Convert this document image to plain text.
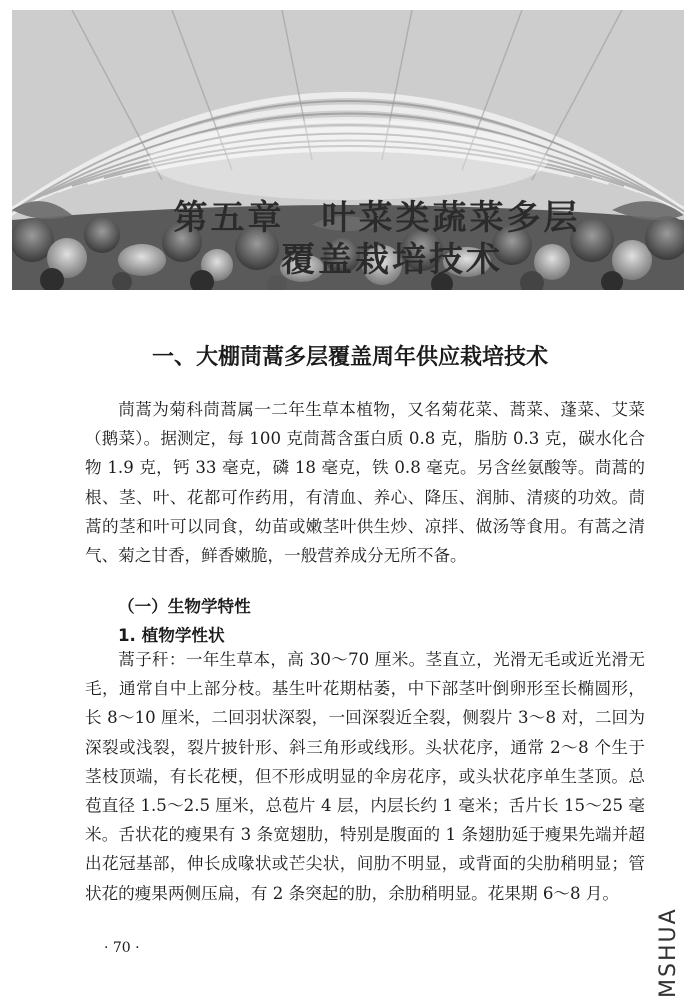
第五章　叶菜类蔬菜多层
覆盖栽培技术
一、大棚茼蒿多层覆盖周年供应栽培技术
茼蒿为菊科茼蒿属一二年生草本植物，又名菊花菜、蒿菜、蓬菜、艾菜（鹅菜）。据测定，每 100 克茼蒿含蛋白质 0.8 克，脂肪 0.3 克，碳水化合物 1.9 克，钙 33 毫克，磷 18 毫克，铁 0.8 毫克。另含丝氨酸等。茼蒿的根、茎、叶、花都可作药用，有清血、养心、降压、润肺、清痰的功效。茼蒿的茎和叶可以同食，幼苗或嫩茎叶供生炒、凉拌、做汤等食用。有蒿之清气、菊之甘香，鲜香嫩脆，一般营养成分无所不备。
（一）生物学特性
1. 植物学性状
蒿子秆：一年生草本，高 30～70 厘米。茎直立，光滑无毛或近光滑无毛，通常自中上部分枝。基生叶花期枯萎，中下部茎叶倒卵形至长椭圆形，长 8～10 厘米，二回羽状深裂，一回深裂近全裂，侧裂片 3～8 对，二回为深裂或浅裂，裂片披针形、斜三角形或线形。头状花序，通常 2～8 个生于茎枝顶端，有长花梗，但不形成明显的伞房花序，或头状花序单生茎顶。总苞直径 1.5～2.5 厘米，总苞片 4 层，内层长约 1 毫米；舌片长 15～25 毫米。舌状花的瘦果有 3 条宽翅肋，特别是腹面的 1 条翅肋延于瘦果先端并超出花冠基部，伸长成喙状或芒尖状，间肋不明显，或背面的尖肋稍明显；管状花的瘦果两侧压扁，有 2 条突起的肋，余肋稍明显。花果期 6～8 月。
· 70 ·	MSHUA
